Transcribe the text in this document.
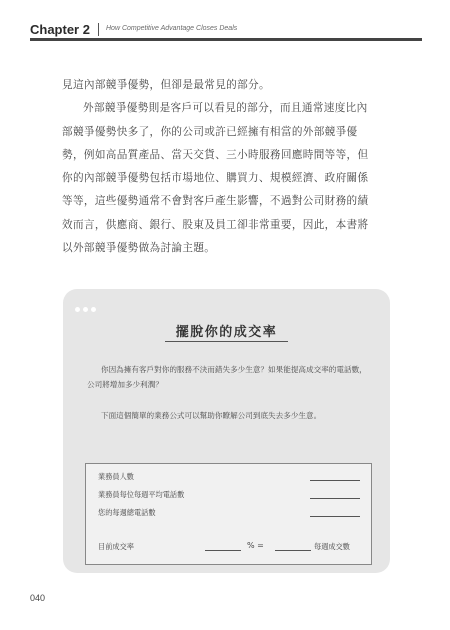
Chapter 2 How Competitive Advantage Closes Deals

見這內部競爭優勢，但卻是最常見的部分。

外部競爭優勢則是客戶可以看見的部分，而且通常速度比內部競爭優勢快多了，你的公司或許已經擁有相當的外部競爭優勢，例如高品質產品、當天交貨、三小時服務回應時間等等，但你的內部競爭優勢包括市場地位、購買力、規模經濟、政府關係等等，這些優勢通常不會對客戶產生影響，不過對公司財務的績效而言，供應商、銀行、股東及員工卻非常重要，因此，本書將以外部競爭優勢做為討論主題。

擺脫你的成交率
你因為擁有客戶對你的服務不決而錯失多少生意？如果能提高成交率的電話數，公司將增加多少利潤？
下面這個簡單的業務公式可以幫助你瞭解公司到底失去多少生意。
業務員人數
業務員每位每週平均電話數
您的每週總電話數
目前成交率	% =	每週成交數
040
